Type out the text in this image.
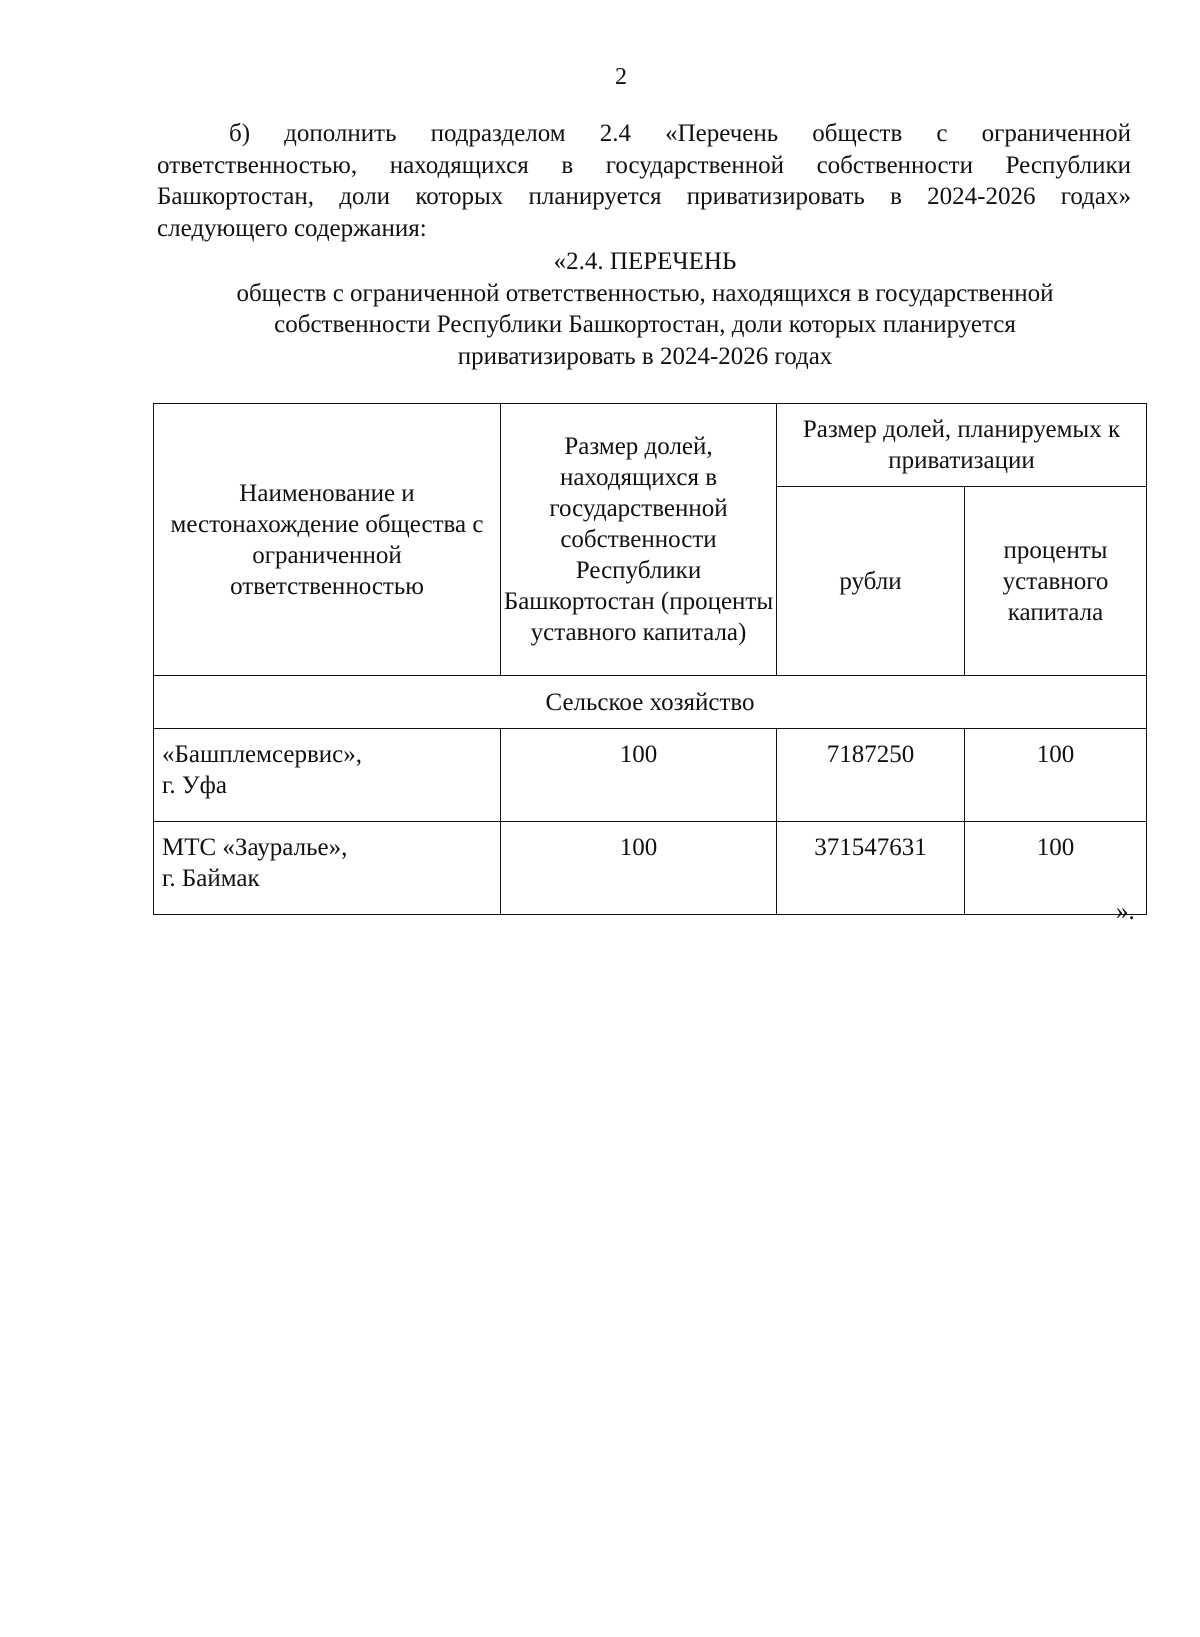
2

б) дополнить подразделом 2.4 «Перечень обществ с ограниченной ответственностью, находящихся в государственной собственности Республики Башкортостан, доли которых планируется приватизировать в 2024-2026 годах» следующего содержания:

«2.4. ПЕРЕЧЕНЬ
обществ с ограниченной ответственностью, находящихся в государственной
собственности Республики Башкортостан, доли которых планируется
приватизировать в 2024-2026 годах
Наименование и местонахождение общества с ограниченной ответственностью	Размер долей, находящихся в государственной собственности Республики Башкортостан (проценты уставного капитала)	Размер долей, планируемых к приватизации	

		рубли	проценты уставного капитала
Сельское хозяйство			

«Башплемсервис»,
г. Уфа	100	7187250	100

МТС «Зауралье»,
г. Баймак	100	371547631	100
».
